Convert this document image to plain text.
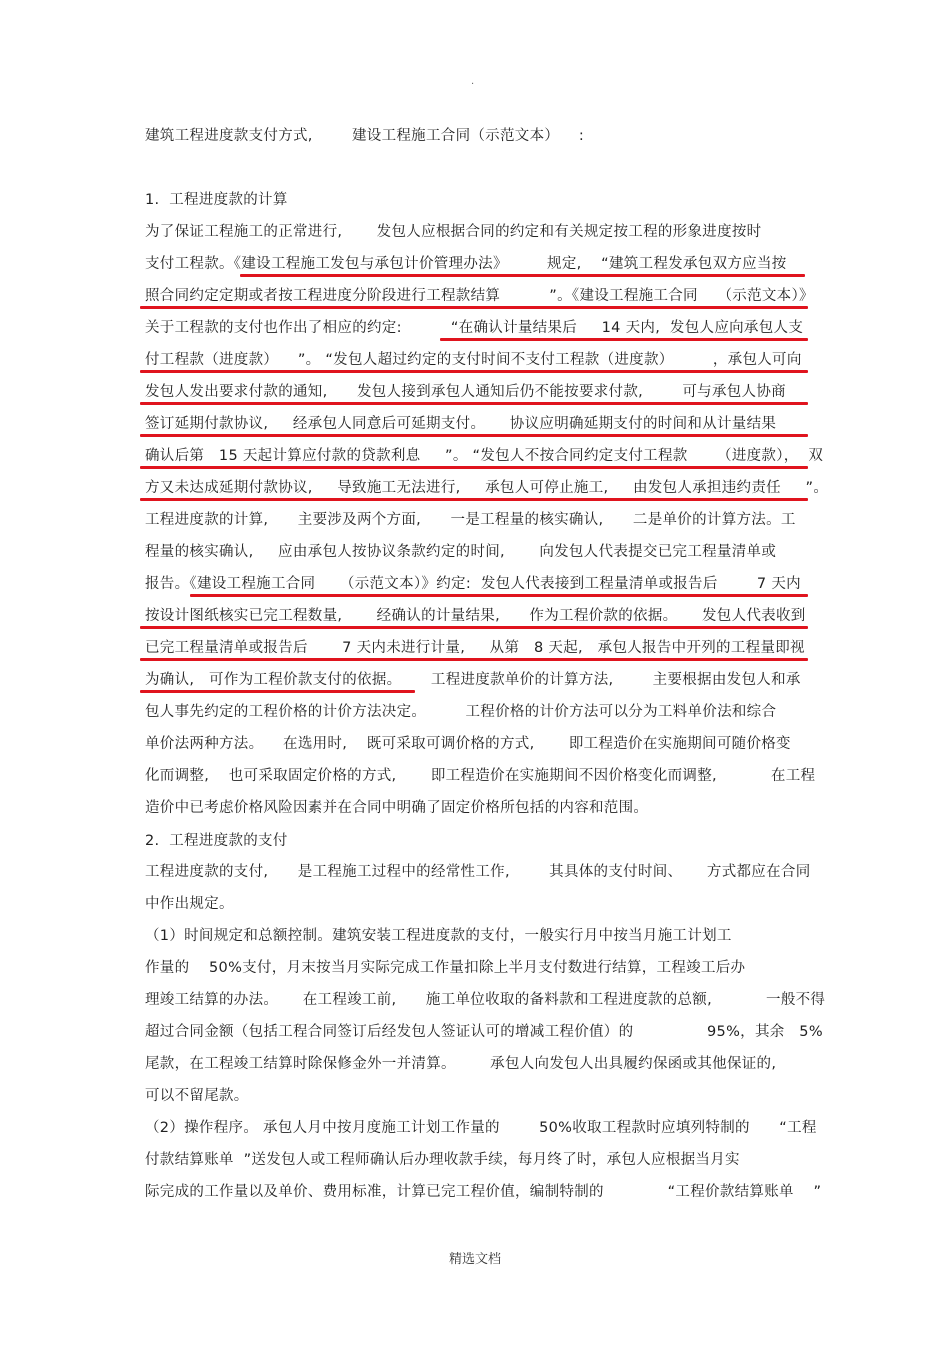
.
建筑工程进度款支付方式,        建设工程施工合同（示范文本）    :
1.  工程进度款的计算
为了保证工程施工的正常进行,       发包人应根据合同的约定和有关规定按工程的形象进度按时
支付工程款。《建设工程施工发包与承包计价管理办法》        规定,    “建筑工程发承包双方应当按
照合同约定定期或者按工程进度分阶段进行工程款结算          ”。《建设工程施工合同    （示范文本）》
关于工程款的支付也作出了相应的约定:          “在确认计量结果后     14 天内,  发包人应向承包人支
付工程款（进度款）    ”。 “发包人超过约定的支付时间不支付工程款（进度款）        ，承包人可向
发包人发出要求付款的通知,      发包人接到承包人通知后仍不能按要求付款,        可与承包人协商
签订延期付款协议,     经承包人同意后可延期支付。     协议应明确延期支付的时间和从计量结果
确认后第   15 天起计算应付款的贷款利息     ”。 “发包人不按合同约定支付工程款      （进度款），  双
方又未达成延期付款协议,     导致施工无法进行,     承包人可停止施工,     由发包人承担违约责任     ”。
工程进度款的计算,      主要涉及两个方面,      一是工程量的核实确认,      二是单价的计算方法。工
程量的核实确认,     应由承包人按协议条款约定的时间,       向发包人代表提交已完工程量清单或
报告。《建设工程施工合同     （示范文本）》约定:  发包人代表接到工程量清单或报告后        7 天内
按设计图纸核实已完工程数量,       经确认的计量结果,      作为工程价款的依据。     发包人代表收到
已完工程量清单或报告后       7 天内未进行计量,     从第   8 天起,   承包人报告中开列的工程量即视
为确认,   可作为工程价款支付的依据。      工程进度款单价的计算方法,        主要根据由发包人和承
包人事先约定的工程价格的计价方法决定。        工程价格的计价方法可以分为工料单价法和综合
单价法两种方法。    在选用时,    既可采取可调价格的方式,       即工程造价在实施期间可随价格变
化而调整,    也可采取固定价格的方式,       即工程造价在实施期间不因价格变化而调整,           在工程
造价中已考虑价格风险因素并在合同中明确了固定价格所包括的内容和范围。
2.  工程进度款的支付
工程进度款的支付,      是工程施工过程中的经常性工作,        其具体的支付时间、     方式都应在合同
中作出规定。
（1）时间规定和总额控制。建筑安装工程进度款的支付，一般实行月中按当月施工计划工
作量的    50%支付，月末按当月实际完成工作量扣除上半月支付数进行结算，工程竣工后办
理竣工结算的办法。     在工程竣工前,      施工单位收取的备料款和工程进度款的总额,           一般不得
超过合同金额（包括工程合同签订后经发包人签证认可的增减工程价值）的               95%，其余   5%
尾款，在工程竣工结算时除保修金外一并清算。       承包人向发包人出具履约保函或其他保证的,
可以不留尾款。
（2）操作程序。 承包人月中按月度施工计划工作量的        50%收取工程款时应填列特制的      “工程
付款结算账单  ”送发包人或工程师确认后办理收款手续，每月终了时，承包人应根据当月实
际完成的工作量以及单价、费用标准，计算已完工程价值，编制特制的             “工程价款结算账单    ”
精选文档
